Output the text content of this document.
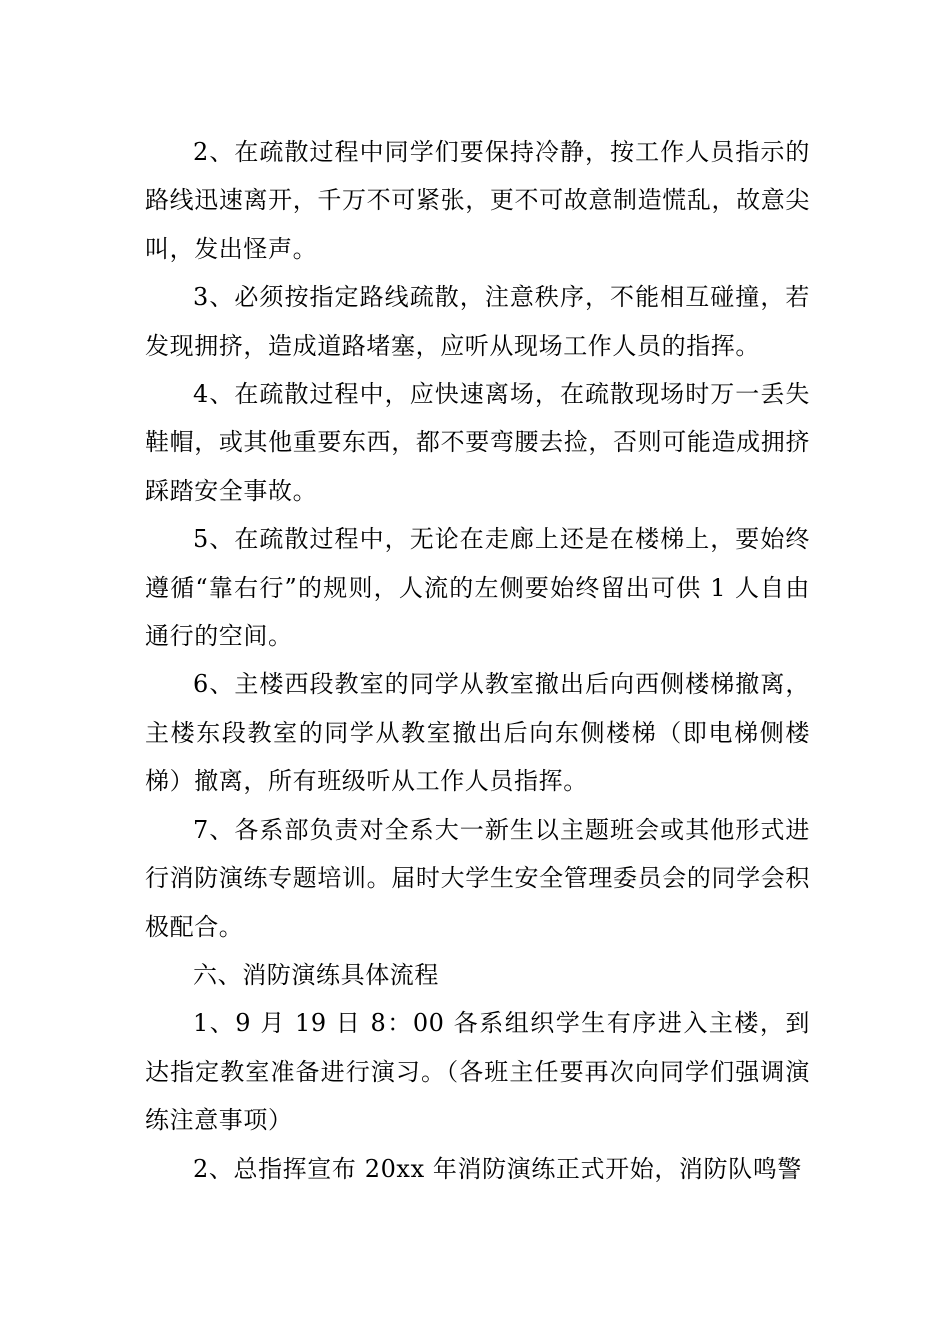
2、在疏散过程中同学们要保持冷静，按工作人员指示的路线迅速离开，千万不可紧张，更不可故意制造慌乱，故意尖叫，发出怪声。

3、必须按指定路线疏散，注意秩序，不能相互碰撞，若发现拥挤，造成道路堵塞，应听从现场工作人员的指挥。

4、在疏散过程中，应快速离场，在疏散现场时万一丢失鞋帽，或其他重要东西，都不要弯腰去捡，否则可能造成拥挤踩踏安全事故。

5、在疏散过程中，无论在走廊上还是在楼梯上，要始终遵循“靠右行”的规则，人流的左侧要始终留出可供 1 人自由通行的空间。

6、主楼西段教室的同学从教室撤出后向西侧楼梯撤离，主楼东段教室的同学从教室撤出后向东侧楼梯（即电梯侧楼梯）撤离，所有班级听从工作人员指挥。

7、各系部负责对全系大一新生以主题班会或其他形式进行消防演练专题培训。届时大学生安全管理委员会的同学会积极配合。

六、消防演练具体流程

1、9 月 19 日 8：00 各系组织学生有序进入主楼，到达指定教室准备进行演习。（各班主任要再次向同学们强调演练注意事项）

2、总指挥宣布 20xx 年消防演练正式开始，消防队鸣警
